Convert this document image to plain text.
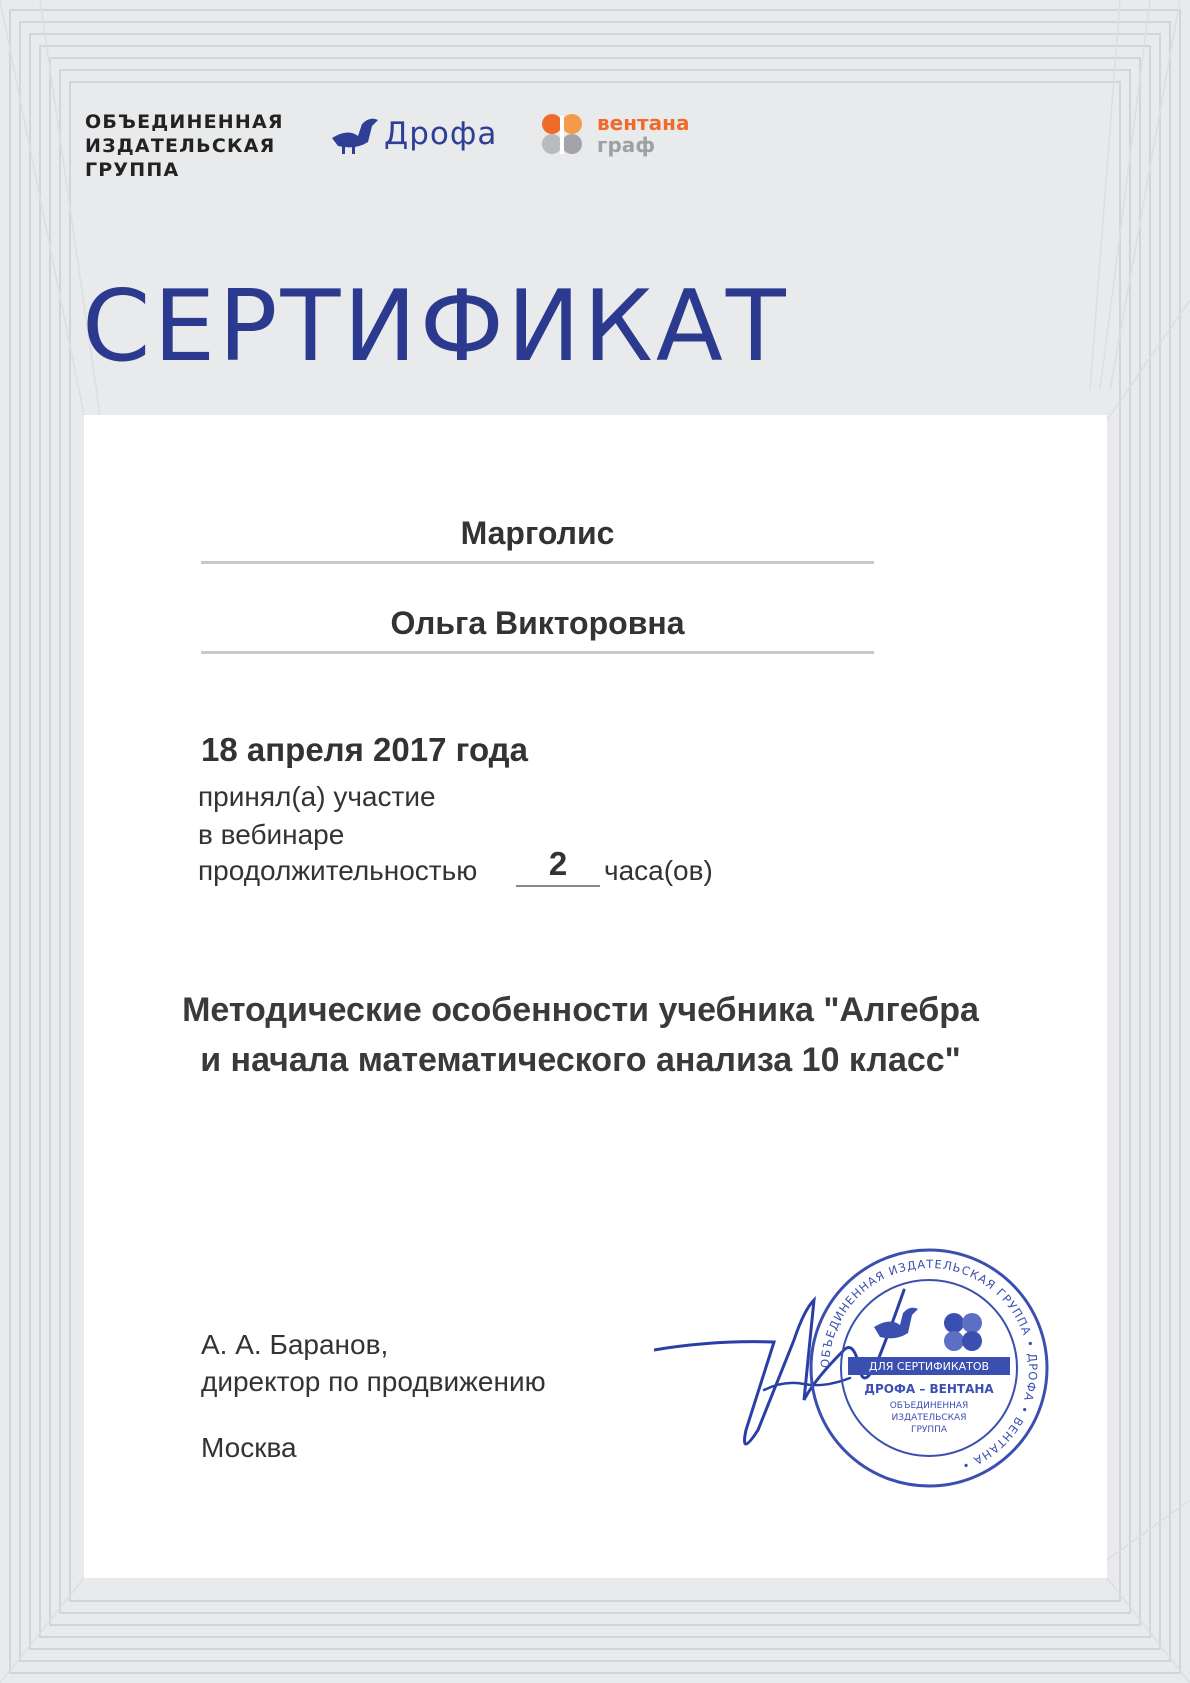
ОБЪЕДИНЕННАЯ
ИЗДАТЕЛЬСКАЯ
ГРУППА
Дрофа	вентана
граф
СЕРТИФИКАТ
Марголис
Ольга Викторовна
18 апреля 2017 года
принял(а) участие
в вебинаре
продолжительностью	2	часа(ов)
Методические особенности учебника "Алгебра
и начала математического анализа 10 класс"
А. А. Баранов,
директор по продвижению
Москва
ОБЪЕДИНЕННАЯ ИЗДАТЕЛЬСКАЯ ГРУППА • ДРОФА • ВЕНТАНА •
ДЛЯ СЕРТИФИКАТОВ
ДРОФА – ВЕНТАНА
ОБЪЕДИНЕННАЯ
ИЗДАТЕЛЬСКАЯ
ГРУППА
